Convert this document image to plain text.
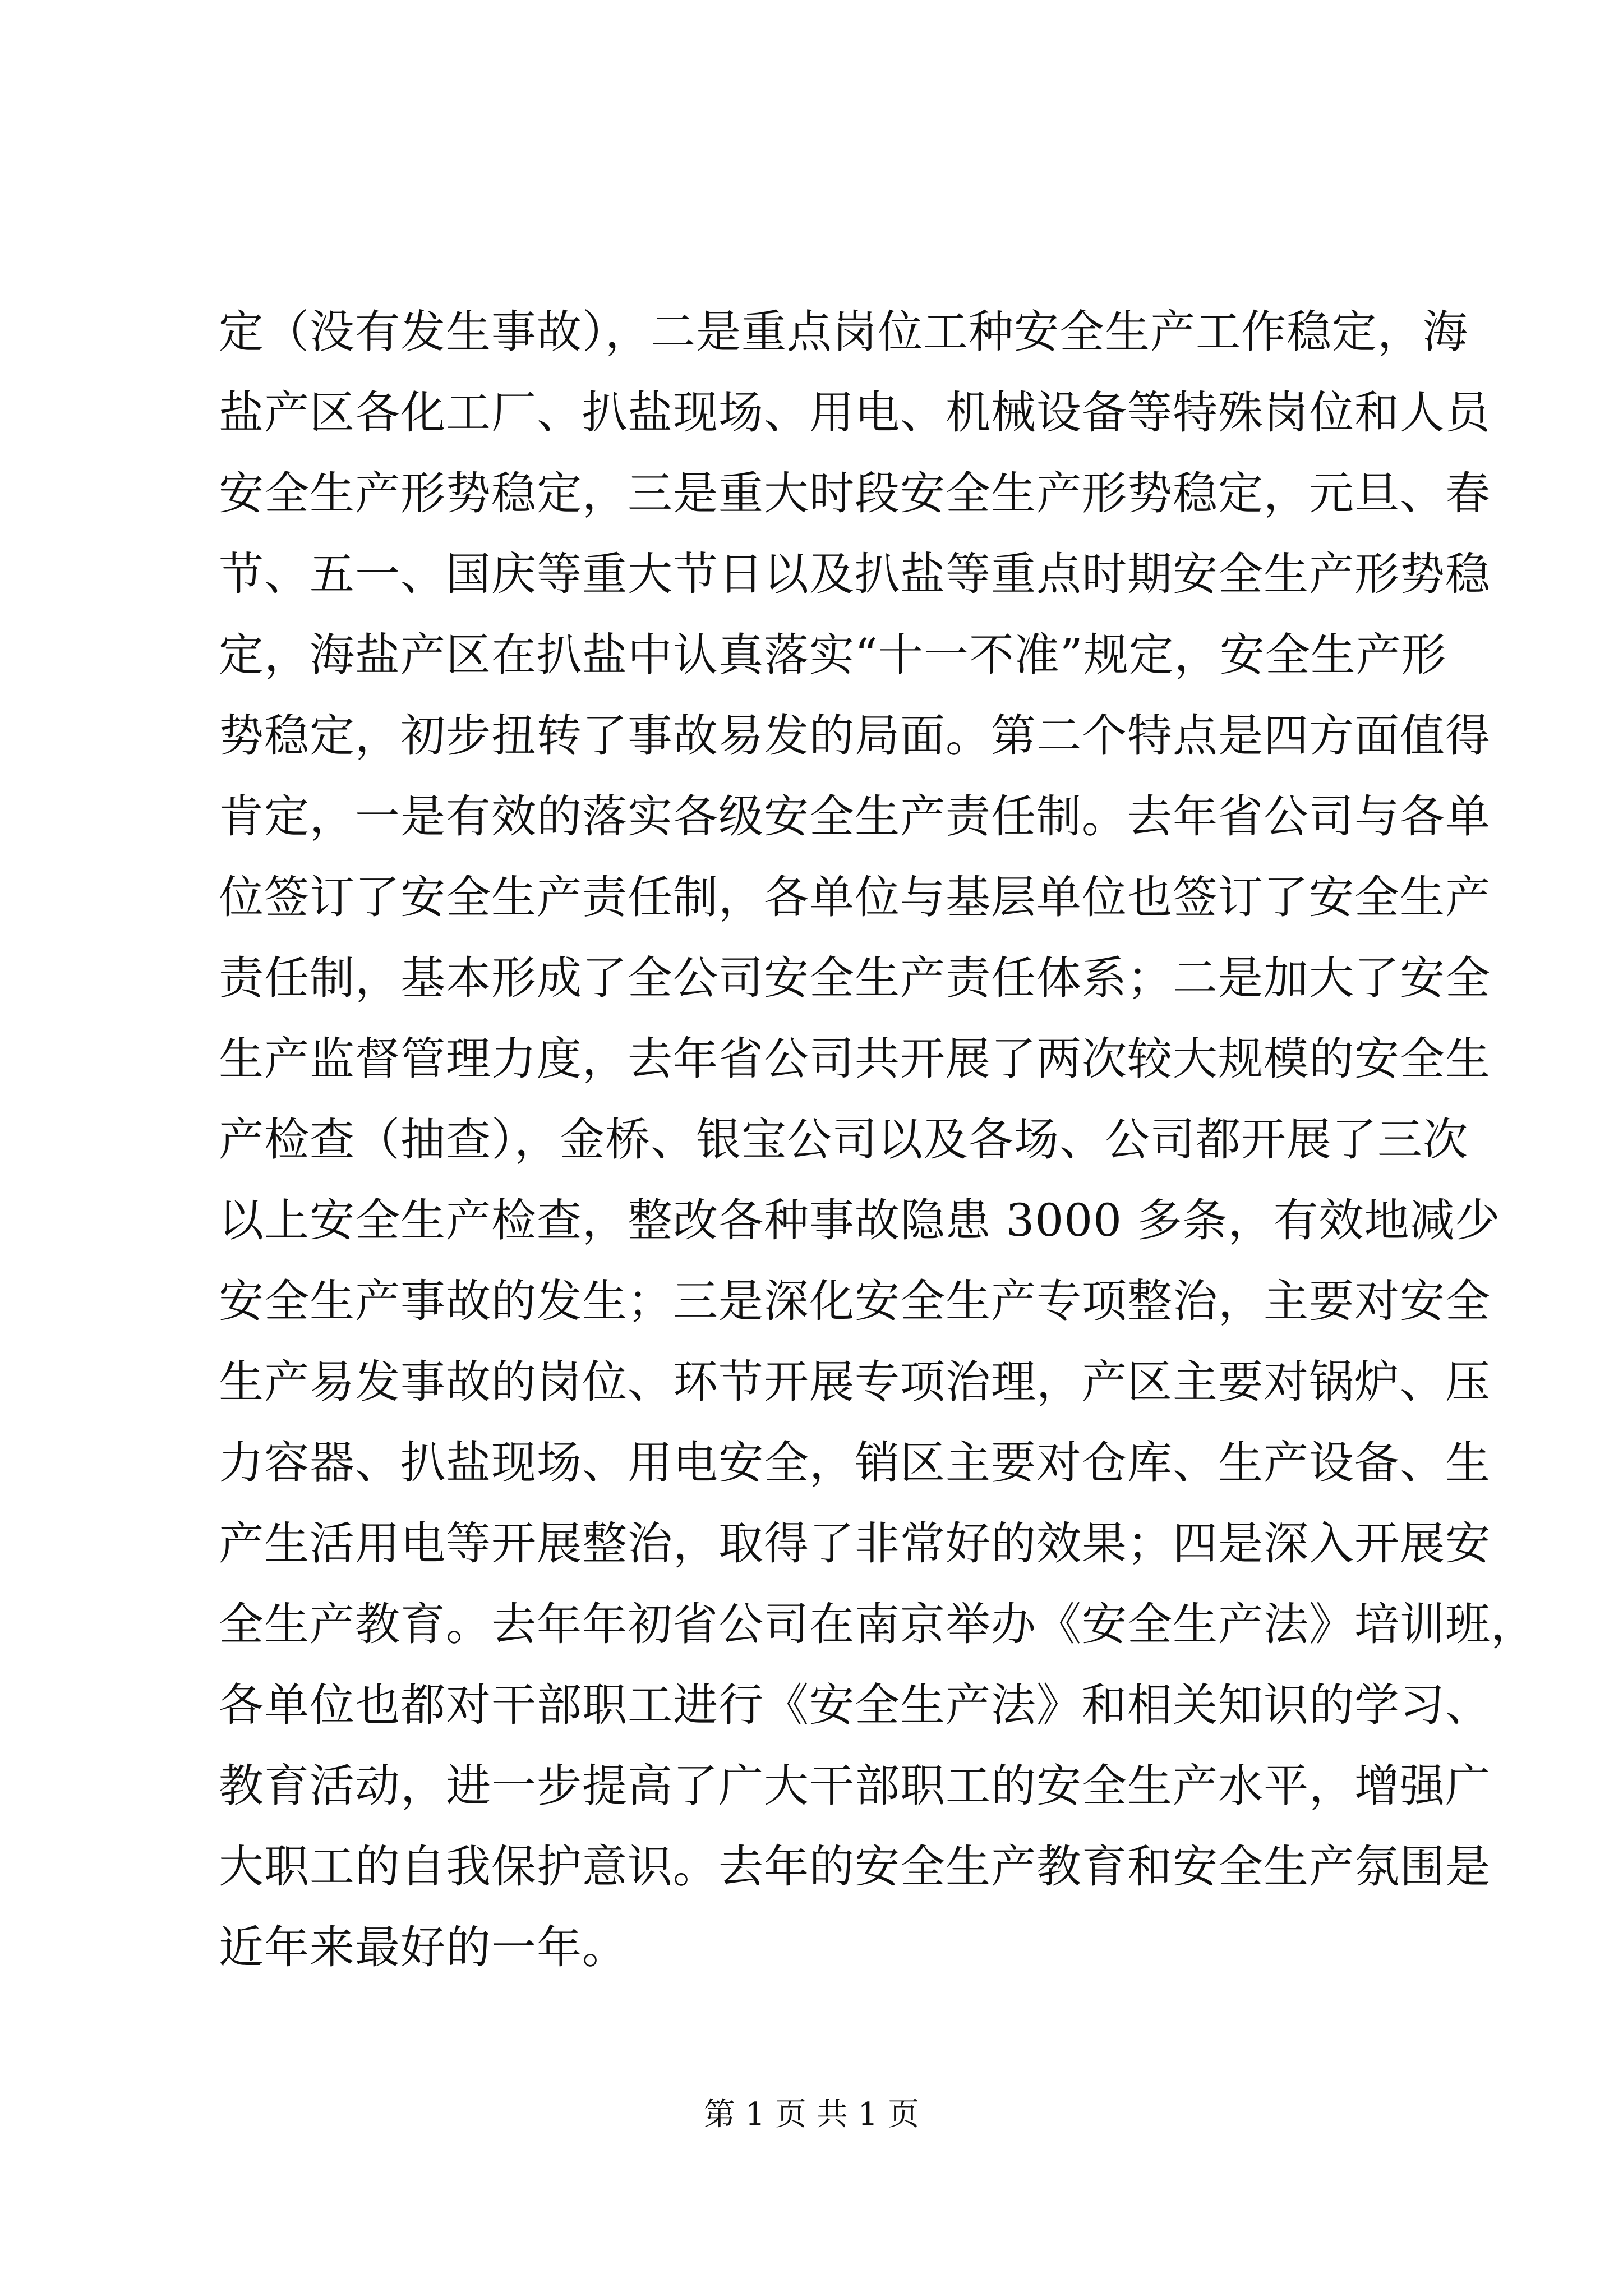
定（没有发生事故），二是重点岗位工种安全生产工作稳定，海
盐产区各化工厂、扒盐现场、用电、机械设备等特殊岗位和人员
安全生产形势稳定，三是重大时段安全生产形势稳定，元旦、春
节、五一、国庆等重大节日以及扒盐等重点时期安全生产形势稳
定，海盐产区在扒盐中认真落实“十一不准”规定，安全生产形
势稳定，初步扭转了事故易发的局面。第二个特点是四方面值得
肯定，一是有效的落实各级安全生产责任制。去年省公司与各单
位签订了安全生产责任制，各单位与基层单位也签订了安全生产
责任制，基本形成了全公司安全生产责任体系；二是加大了安全
生产监督管理力度，去年省公司共开展了两次较大规模的安全生
产检查（抽查），金桥、银宝公司以及各场、公司都开展了三次
以上安全生产检查，整改各种事故隐患 3000 多条，有效地减少
安全生产事故的发生；三是深化安全生产专项整治，主要对安全
生产易发事故的岗位、环节开展专项治理，产区主要对锅炉、压
力容器、扒盐现场、用电安全，销区主要对仓库、生产设备、生
产生活用电等开展整治，取得了非常好的效果；四是深入开展安
全生产教育。去年年初省公司在南京举办《安全生产法》培训班，
各单位也都对干部职工进行《安全生产法》和相关知识的学习、
教育活动，进一步提高了广大干部职工的安全生产水平，增强广
大职工的自我保护意识。去年的安全生产教育和安全生产氛围是
近年来最好的一年。
第 1 页 共 1 页
